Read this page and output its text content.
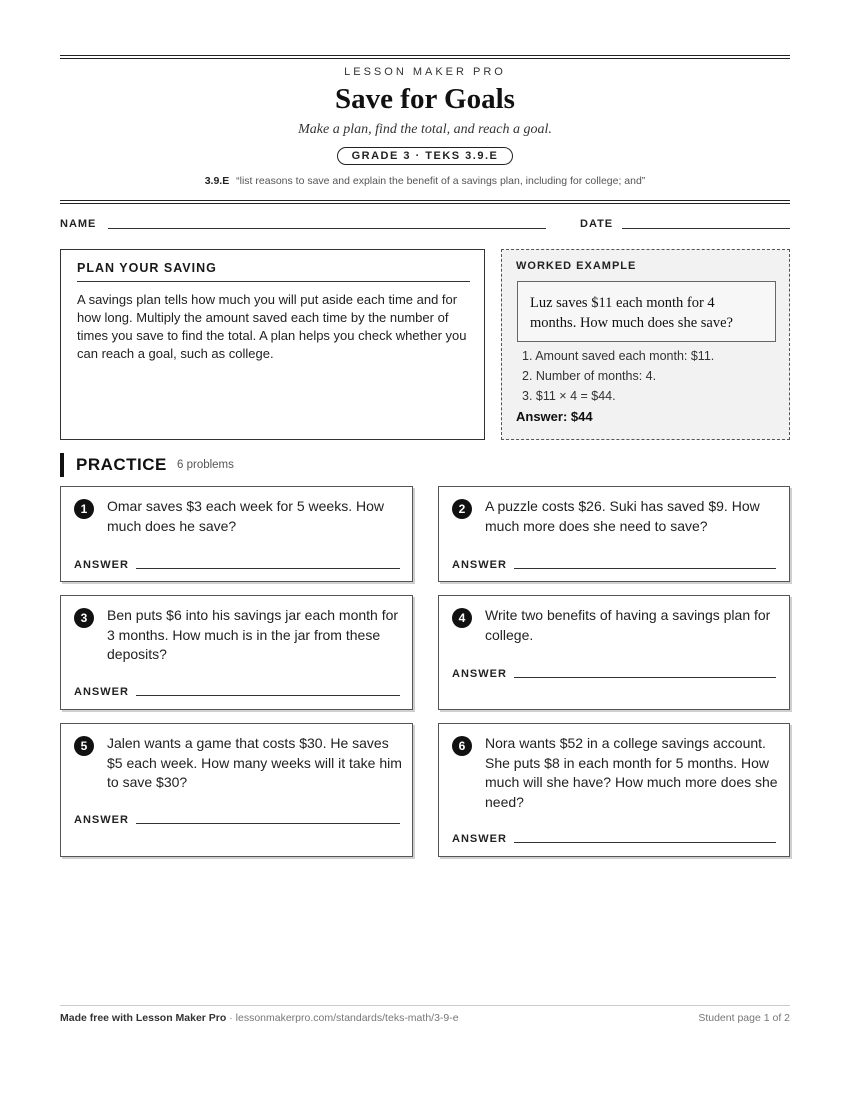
LESSON MAKER PRO
Save for Goals
Make a plan, find the total, and reach a goal.
GRADE 3 · TEKS 3.9.E
3.9.E “list reasons to save and explain the benefit of a savings plan, including for college; and”
NAME	DATE
PLAN YOUR SAVING
A savings plan tells how much you will put aside each time and for how long. Multiply the amount saved each time by the number of times you save to find the total. A plan helps you check whether you can reach a goal, such as college.
WORKED EXAMPLE
Luz saves $11 each month for 4 months. How much does she save?
1. Amount saved each month: $11.
2. Number of months: 4.
3. $11 × 4 = $44.
Answer: $44
PRACTICE 6 problems
1	Omar saves $3 each week for 5 weeks. How much does he save?
ANSWER
2	A puzzle costs $26. Suki has saved $9. How much more does she need to save?
ANSWER
3	Ben puts $6 into his savings jar each month for 3 months. How much is in the jar from these deposits?
ANSWER
4	Write two benefits of having a savings plan for college.
ANSWER
5	Jalen wants a game that costs $30. He saves $5 each week. How many weeks will it take him to save $30?
ANSWER
6	Nora wants $52 in a college savings account. She puts $8 in each month for 5 months. How much will she have? How much more does she need?
ANSWER
Made free with Lesson Maker Pro · lessonmakerpro.com/standards/teks-math/3-9-e	Student page 1 of 2
